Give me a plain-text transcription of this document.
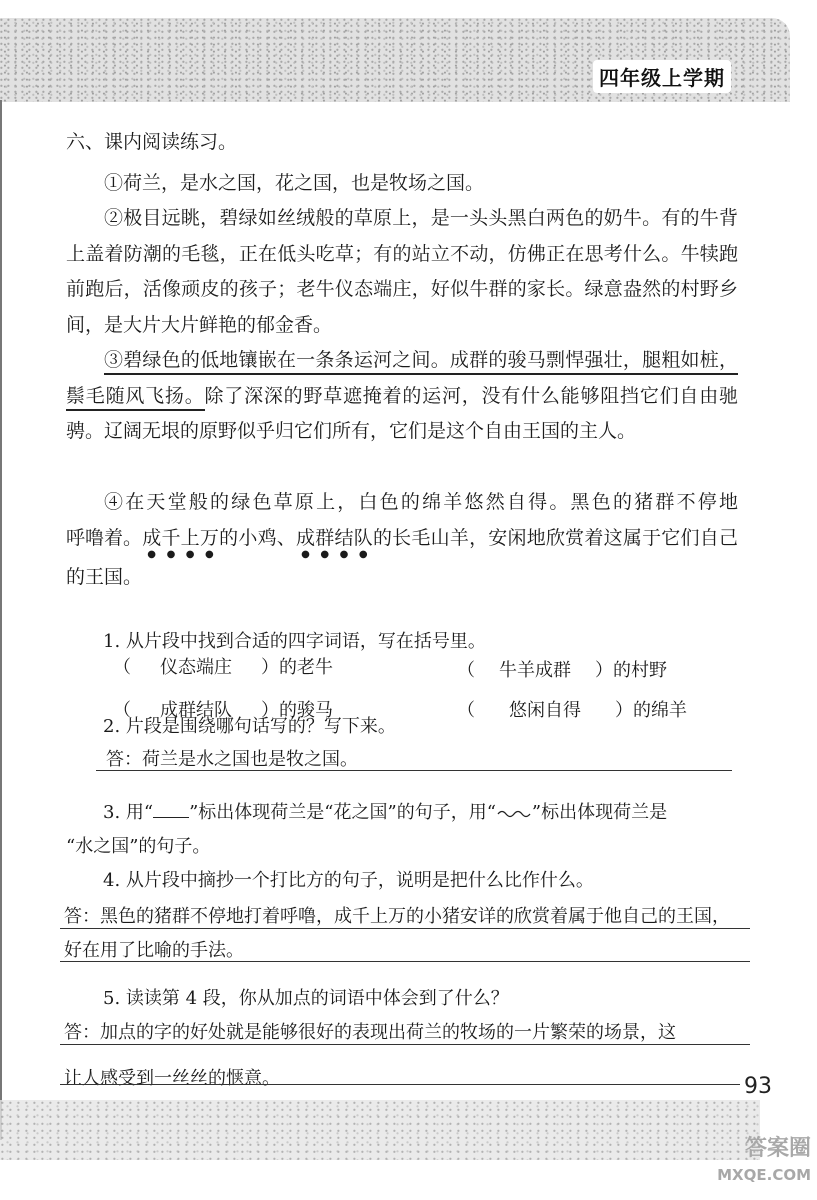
四年级上学期
六、课内阅读练习。

①荷兰，是水之国，花之国，也是牧场之国。

②极目远眺，碧绿如丝绒般的草原上，是一头头黑白两色的奶牛。有的牛背上盖着防潮的毛毯，正在低头吃草；有的站立不动，仿佛正在思考什么。牛犊跑前跑后，活像顽皮的孩子；老牛仪态端庄，好似牛群的家长。绿意盎然的村野乡间，是大片大片鲜艳的郁金香。

③碧绿色的低地镶嵌在一条条运河之间。成群的骏马剽悍强壮，腿粗如桩，鬃毛随风飞扬。除了深深的野草遮掩着的运河，没有什么能够阻挡它们自由驰骋。辽阔无垠的原野似乎归它们所有，它们是这个自由王国的主人。

④在天堂般的绿色草原上，白色的绵羊悠然自得。黑色的猪群不停地呼噜着。成千上万的小鸡、成群结队的长毛山羊，安闲地欣赏着这属于它们自己的王国。

1. 从片段中找到合适的四字词语，写在括号里。
（ 仪态端庄 ）的老牛	（ 牛羊成群 ）的村野
（ 成群结队 ）的骏马	（ 悠闲自得 ）的绵羊
2. 片段是围绕哪句话写的？写下来。
答：荷兰是水之国也是牧之国。
3. 用“ ”标出体现荷兰是“花之国”的句子，用“ ”标出体现荷兰是
“水之国”的句子。
4. 从片段中摘抄一个打比方的句子，说明是把什么比作什么。
答：黑色的猪群不停地打着呼噜，成千上万的小猪安详的欣赏着属于他自己的王国，
好在用了比喻的手法。
5. 读读第 4 段，你从加点的词语中体会到了什么？
答：加点的字的好处就是能够很好的表现出荷兰的牧场的一片繁荣的场景，这
让人感受到一丝丝的惬意。	93
答案圈
MXQE.COM
